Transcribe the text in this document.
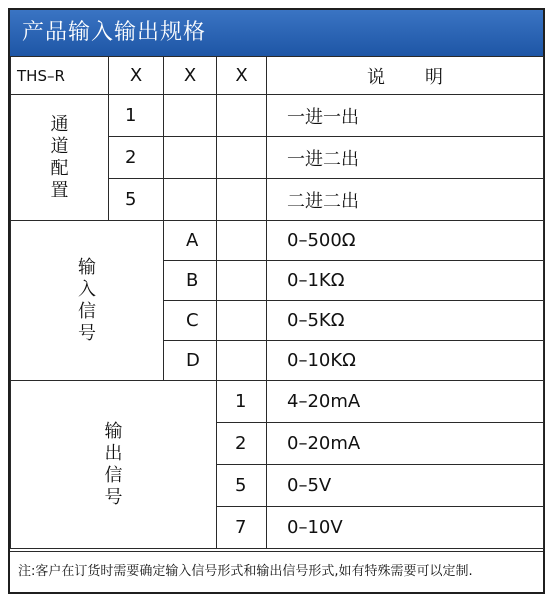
产品输入输出规格
THS–R	X	X	X	说明

通
道
配
置	1			一进一出
	2			一进二出
	5			二进二出

输
入
信
号		A		0–500Ω
		B		0–1KΩ
		C		0–5KΩ
		D		0–10KΩ

输
出
信
号			1	4–20mA
			2	0–20mA
			5	0–5V
			7	0–10V
注:客户在订货时需要确定输入信号形式和输出信号形式,如有特殊需要可以定制.
